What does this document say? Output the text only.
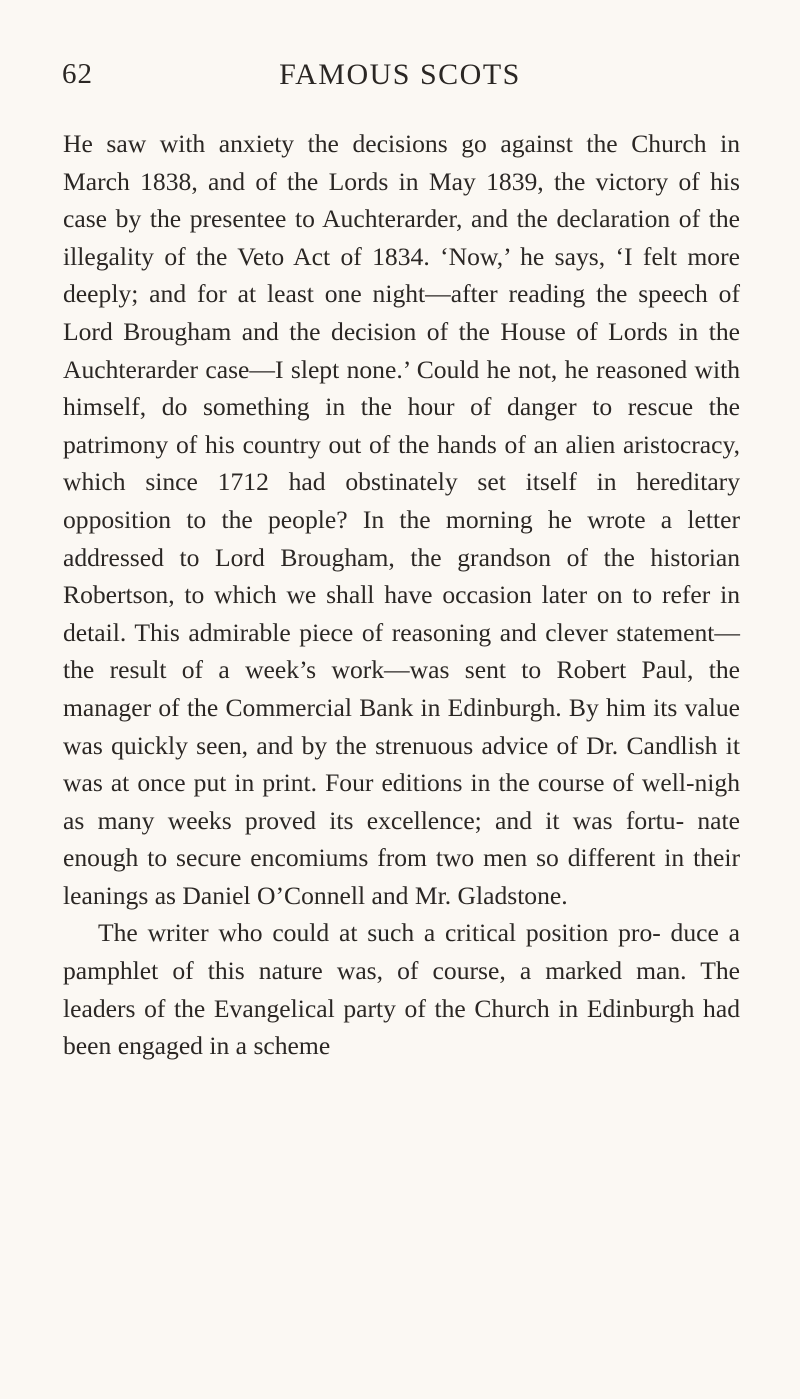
62	FAMOUS SCOTS

He saw with anxiety the decisions go against the Church in March 1838, and of the Lords in May 1839, the victory of his case by the presentee to Auchterarder, and the declaration of the illegality of the Veto Act of 1834. ‘Now,’ he says, ‘I felt more deeply; and for at least one night—after reading the speech of Lord Brougham and the decision of the House of Lords in the Auchterarder case—I slept none.’ Could he not, he reasoned with himself, do something in the hour of danger to rescue the patrimony of his country out of the hands of an alien aristocracy, which since 1712 had obstinately set itself in hereditary opposition to the people? In the morning he wrote a letter addressed to Lord Brougham, the grandson of the historian Robertson, to which we shall have occasion later on to refer in detail. This admirable piece of reasoning and clever statement—the result of a week’s work—was sent to Robert Paul, the manager of the Commercial Bank in Edinburgh. By him its value was quickly seen, and by the strenuous advice of Dr. Candlish it was at once put in print. Four editions in the course of well-nigh as many weeks proved its excellence; and it was fortu- nate enough to secure encomiums from two men so different in their leanings as Daniel O’Connell and Mr. Gladstone.

The writer who could at such a critical position pro- duce a pamphlet of this nature was, of course, a marked man. The leaders of the Evangelical party of the Church in Edinburgh had been engaged in a scheme
